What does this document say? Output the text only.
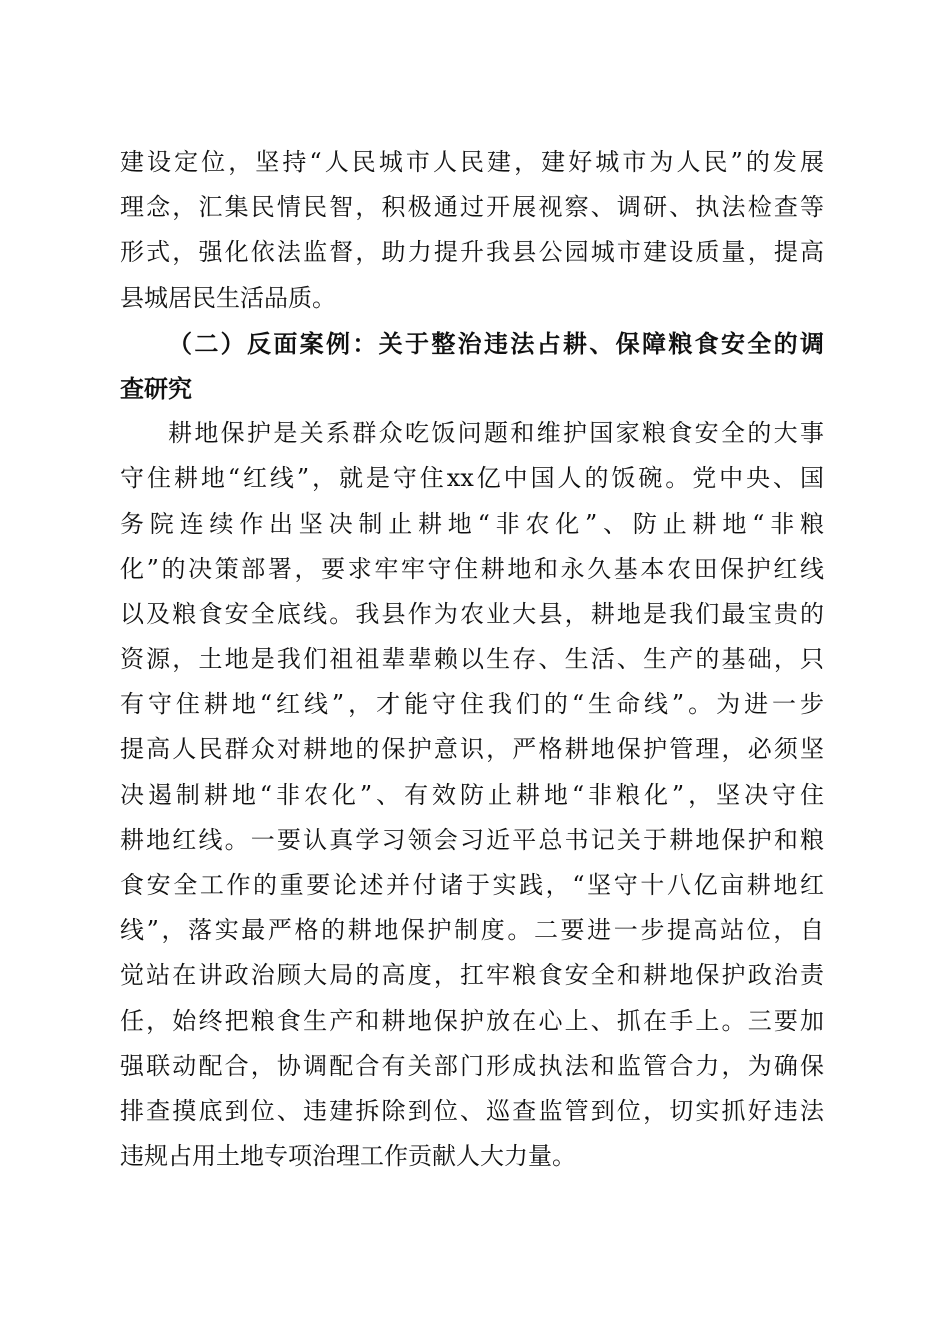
建设定位，坚持“人民城市人民建，建好城市为人民”的发展
理念，汇集民情民智，积极通过开展视察、调研、执法检查等
形式，强化依法监督，助力提升我县公园城市建设质量，提高
县城居民生活品质。
（二）反面案例：关于整治违法占耕、保障粮食安全的调
查研究
耕地保护是关系群众吃饭问题和维护国家粮食安全的大事
守住耕地“红线”，就是守住xx亿中国人的饭碗。党中央、国
务院连续作出坚决制止耕地“非农化”、防止耕地“非粮
化”的决策部署，要求牢牢守住耕地和永久基本农田保护红线
以及粮食安全底线。我县作为农业大县，耕地是我们最宝贵的
资源，土地是我们祖祖辈辈赖以生存、生活、生产的基础，只
有守住耕地“红线”，才能守住我们的“生命线”。为进一步
提高人民群众对耕地的保护意识，严格耕地保护管理，必须坚
决遏制耕地“非农化”、有效防止耕地“非粮化”，坚决守住
耕地红线。一要认真学习领会习近平总书记关于耕地保护和粮
食安全工作的重要论述并付诸于实践，“坚守十八亿亩耕地红
线”，落实最严格的耕地保护制度。二要进一步提高站位，自
觉站在讲政治顾大局的高度，扛牢粮食安全和耕地保护政治责
任，始终把粮食生产和耕地保护放在心上、抓在手上。三要加
强联动配合，协调配合有关部门形成执法和监管合力，为确保
排查摸底到位、违建拆除到位、巡查监管到位，切实抓好违法
违规占用土地专项治理工作贡献人大力量。
